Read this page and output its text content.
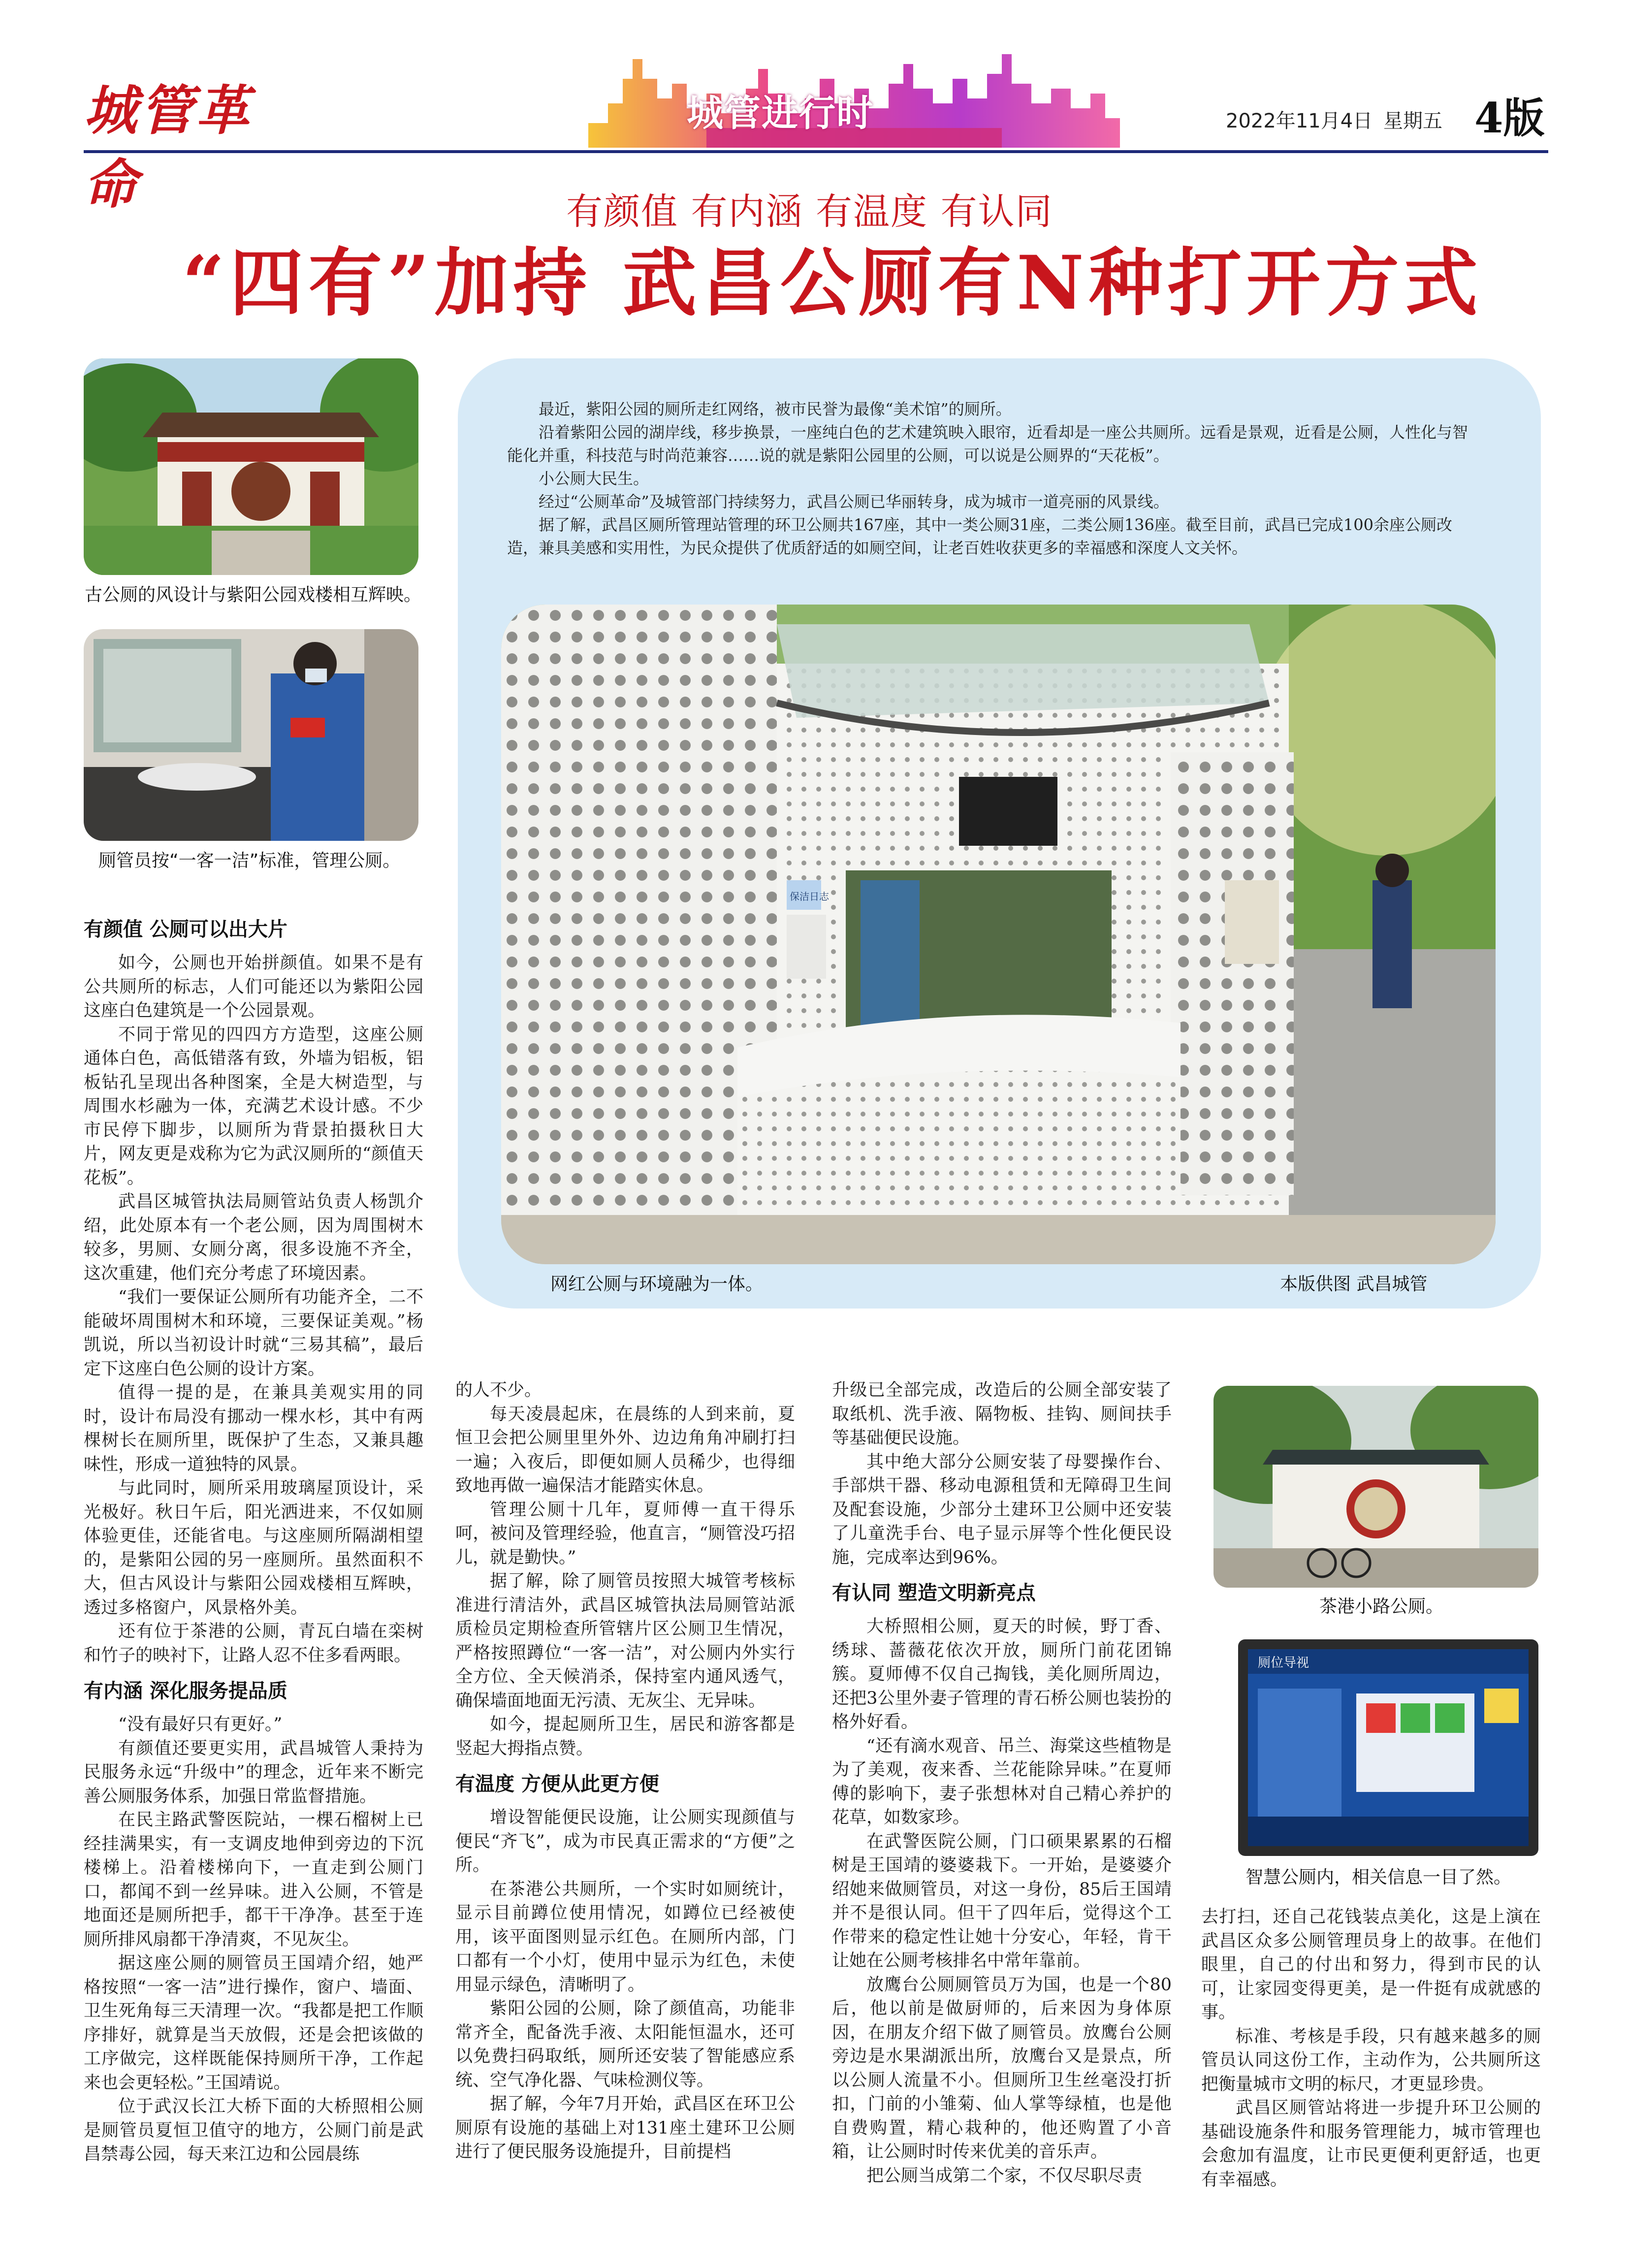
城管革命
城管进行时	2022年11月4日 星期五 4版
有颜值 有内涵 有温度 有认同
“四有”加持 武昌公厕有N种打开方式
古公厕的风设计与紫阳公园戏楼相互辉映。
厕管员按“一客一洁”标准，管理公厕。

最近，紫阳公园的厕所走红网络，被市民誉为最像“美术馆”的厕所。

沿着紫阳公园的湖岸线，移步换景，一座纯白色的艺术建筑映入眼帘，近看却是一座公共厕所。远看是景观，近看是公厕，人性化与智能化并重，科技范与时尚范兼容……说的就是紫阳公园里的公厕，可以说是公厕界的“天花板”。

小公厕大民生。

经过“公厕革命”及城管部门持续努力，武昌公厕已华丽转身，成为城市一道亮丽的风景线。

据了解，武昌区厕所管理站管理的环卫公厕共167座，其中一类公厕31座，二类公厕136座。截至目前，武昌已完成100余座公厕改造，兼具美感和实用性，为民众提供了优质舒适的如厕空间，让老百姓收获更多的幸福感和深度人文关怀。

保洁日志
网红公厕与环境融为一体。	本版供图 武昌城管
茶港小路公厕。
厕位导视
智慧公厕内，相关信息一目了然。
有颜值 公厕可以出大片

如今，公厕也开始拼颜值。如果不是有公共厕所的标志，人们可能还以为紫阳公园这座白色建筑是一个公园景观。

不同于常见的四四方方造型，这座公厕通体白色，高低错落有致，外墙为铝板，铝板钻孔呈现出各种图案，全是大树造型，与周围水杉融为一体，充满艺术设计感。不少市民停下脚步，以厕所为背景拍摄秋日大片，网友更是戏称为它为武汉厕所的“颜值天花板”。

武昌区城管执法局厕管站负责人杨凯介绍，此处原本有一个老公厕，因为周围树木较多，男厕、女厕分离，很多设施不齐全，这次重建，他们充分考虑了环境因素。

“我们一要保证公厕所有功能齐全，二不能破坏周围树木和环境，三要保证美观。”杨凯说，所以当初设计时就“三易其稿”，最后定下这座白色公厕的设计方案。

值得一提的是，在兼具美观实用的同时，设计布局没有挪动一棵水杉，其中有两棵树长在厕所里，既保护了生态，又兼具趣味性，形成一道独特的风景。

与此同时，厕所采用玻璃屋顶设计，采光极好。秋日午后，阳光洒进来，不仅如厕体验更佳，还能省电。与这座厕所隔湖相望的，是紫阳公园的另一座厕所。虽然面积不大，但古风设计与紫阳公园戏楼相互辉映，透过多格窗户，风景格外美。

还有位于茶港的公厕，青瓦白墙在栾树和竹子的映衬下，让路人忍不住多看两眼。

有内涵 深化服务提品质

“没有最好只有更好。”

有颜值还要更实用，武昌城管人秉持为民服务永远“升级中”的理念，近年来不断完善公厕服务体系，加强日常监督措施。

在民主路武警医院站，一棵石榴树上已经挂满果实，有一支调皮地伸到旁边的下沉楼梯上。沿着楼梯向下，一直走到公厕门口，都闻不到一丝异味。进入公厕，不管是地面还是厕所把手，都干干净净。甚至于连厕所排风扇都干净清爽，不见灰尘。

据这座公厕的厕管员王国靖介绍，她严格按照“一客一洁”进行操作，窗户、墙面、卫生死角每三天清理一次。“我都是把工作顺序排好，就算是当天放假，还是会把该做的工序做完，这样既能保持厕所干净，工作起来也会更轻松。”王国靖说。

位于武汉长江大桥下面的大桥照相公厕是厕管员夏恒卫值守的地方，公厕门前是武昌禁毒公园，每天来江边和公园晨练

的人不少。

每天凌晨起床，在晨练的人到来前，夏恒卫会把公厕里里外外、边边角角冲刷打扫一遍；入夜后，即便如厕人员稀少，也得细致地再做一遍保洁才能踏实休息。

管理公厕十几年，夏师傅一直干得乐呵，被问及管理经验，他直言，“厕管没巧招儿，就是勤快。”

据了解，除了厕管员按照大城管考核标准进行清洁外，武昌区城管执法局厕管站派质检员定期检查所管辖片区公厕卫生情况，严格按照蹲位“一客一洁”，对公厕内外实行全方位、全天候消杀，保持室内通风透气，确保墙面地面无污渍、无灰尘、无异味。

如今，提起厕所卫生，居民和游客都是竖起大拇指点赞。

有温度 方便从此更方便

增设智能便民设施，让公厕实现颜值与便民“齐飞”，成为市民真正需求的“方便”之所。

在茶港公共厕所，一个实时如厕统计，显示目前蹲位使用情况，如蹲位已经被使用，该平面图则显示红色。在厕所内部，门口都有一个小灯，使用中显示为红色，未使用显示绿色，清晰明了。

紫阳公园的公厕，除了颜值高，功能非常齐全，配备洗手液、太阳能恒温水，还可以免费扫码取纸，厕所还安装了智能感应系统、空气净化器、气味检测仪等。

据了解，今年7月开始，武昌区在环卫公厕原有设施的基础上对131座土建环卫公厕进行了便民服务设施提升，目前提档

升级已全部完成，改造后的公厕全部安装了取纸机、洗手液、隔物板、挂钩、厕间扶手等基础便民设施。

其中绝大部分公厕安装了母婴操作台、手部烘干器、移动电源租赁和无障碍卫生间及配套设施，少部分土建环卫公厕中还安装了儿童洗手台、电子显示屏等个性化便民设施，完成率达到96%。

有认同 塑造文明新亮点

大桥照相公厕，夏天的时候，野丁香、绣球、蔷薇花依次开放，厕所门前花团锦簇。夏师傅不仅自己掏钱，美化厕所周边，还把3公里外妻子管理的青石桥公厕也装扮的格外好看。

“还有滴水观音、吊兰、海棠这些植物是为了美观，夜来香、兰花能除异味。”在夏师傅的影响下，妻子张想林对自己精心养护的花草，如数家珍。

在武警医院公厕，门口硕果累累的石榴树是王国靖的婆婆栽下。一开始，是婆婆介绍她来做厕管员，对这一身份，85后王国靖并不是很认同。但干了四年后，觉得这个工作带来的稳定性让她十分安心，年轻，肯干让她在公厕考核排名中常年靠前。

放鹰台公厕厕管员万为国，也是一个80后，他以前是做厨师的，后来因为身体原因，在朋友介绍下做了厕管员。放鹰台公厕旁边是水果湖派出所，放鹰台又是景点，所以公厕人流量不小。但厕所卫生丝毫没打折扣，门前的小雏菊、仙人掌等绿植，也是他自费购置，精心栽种的，他还购置了小音箱，让公厕时时传来优美的音乐声。

把公厕当成第二个家，不仅尽职尽责

去打扫，还自己花钱装点美化，这是上演在武昌区众多公厕管理员身上的故事。在他们眼里，自己的付出和努力，得到市民的认可，让家园变得更美，是一件挺有成就感的事。

标准、考核是手段，只有越来越多的厕管员认同这份工作，主动作为，公共厕所这把衡量城市文明的标尺，才更显珍贵。

武昌区厕管站将进一步提升环卫公厕的基础设施条件和服务管理能力，城市管理也会愈加有温度，让市民更便利更舒适，也更有幸福感。
